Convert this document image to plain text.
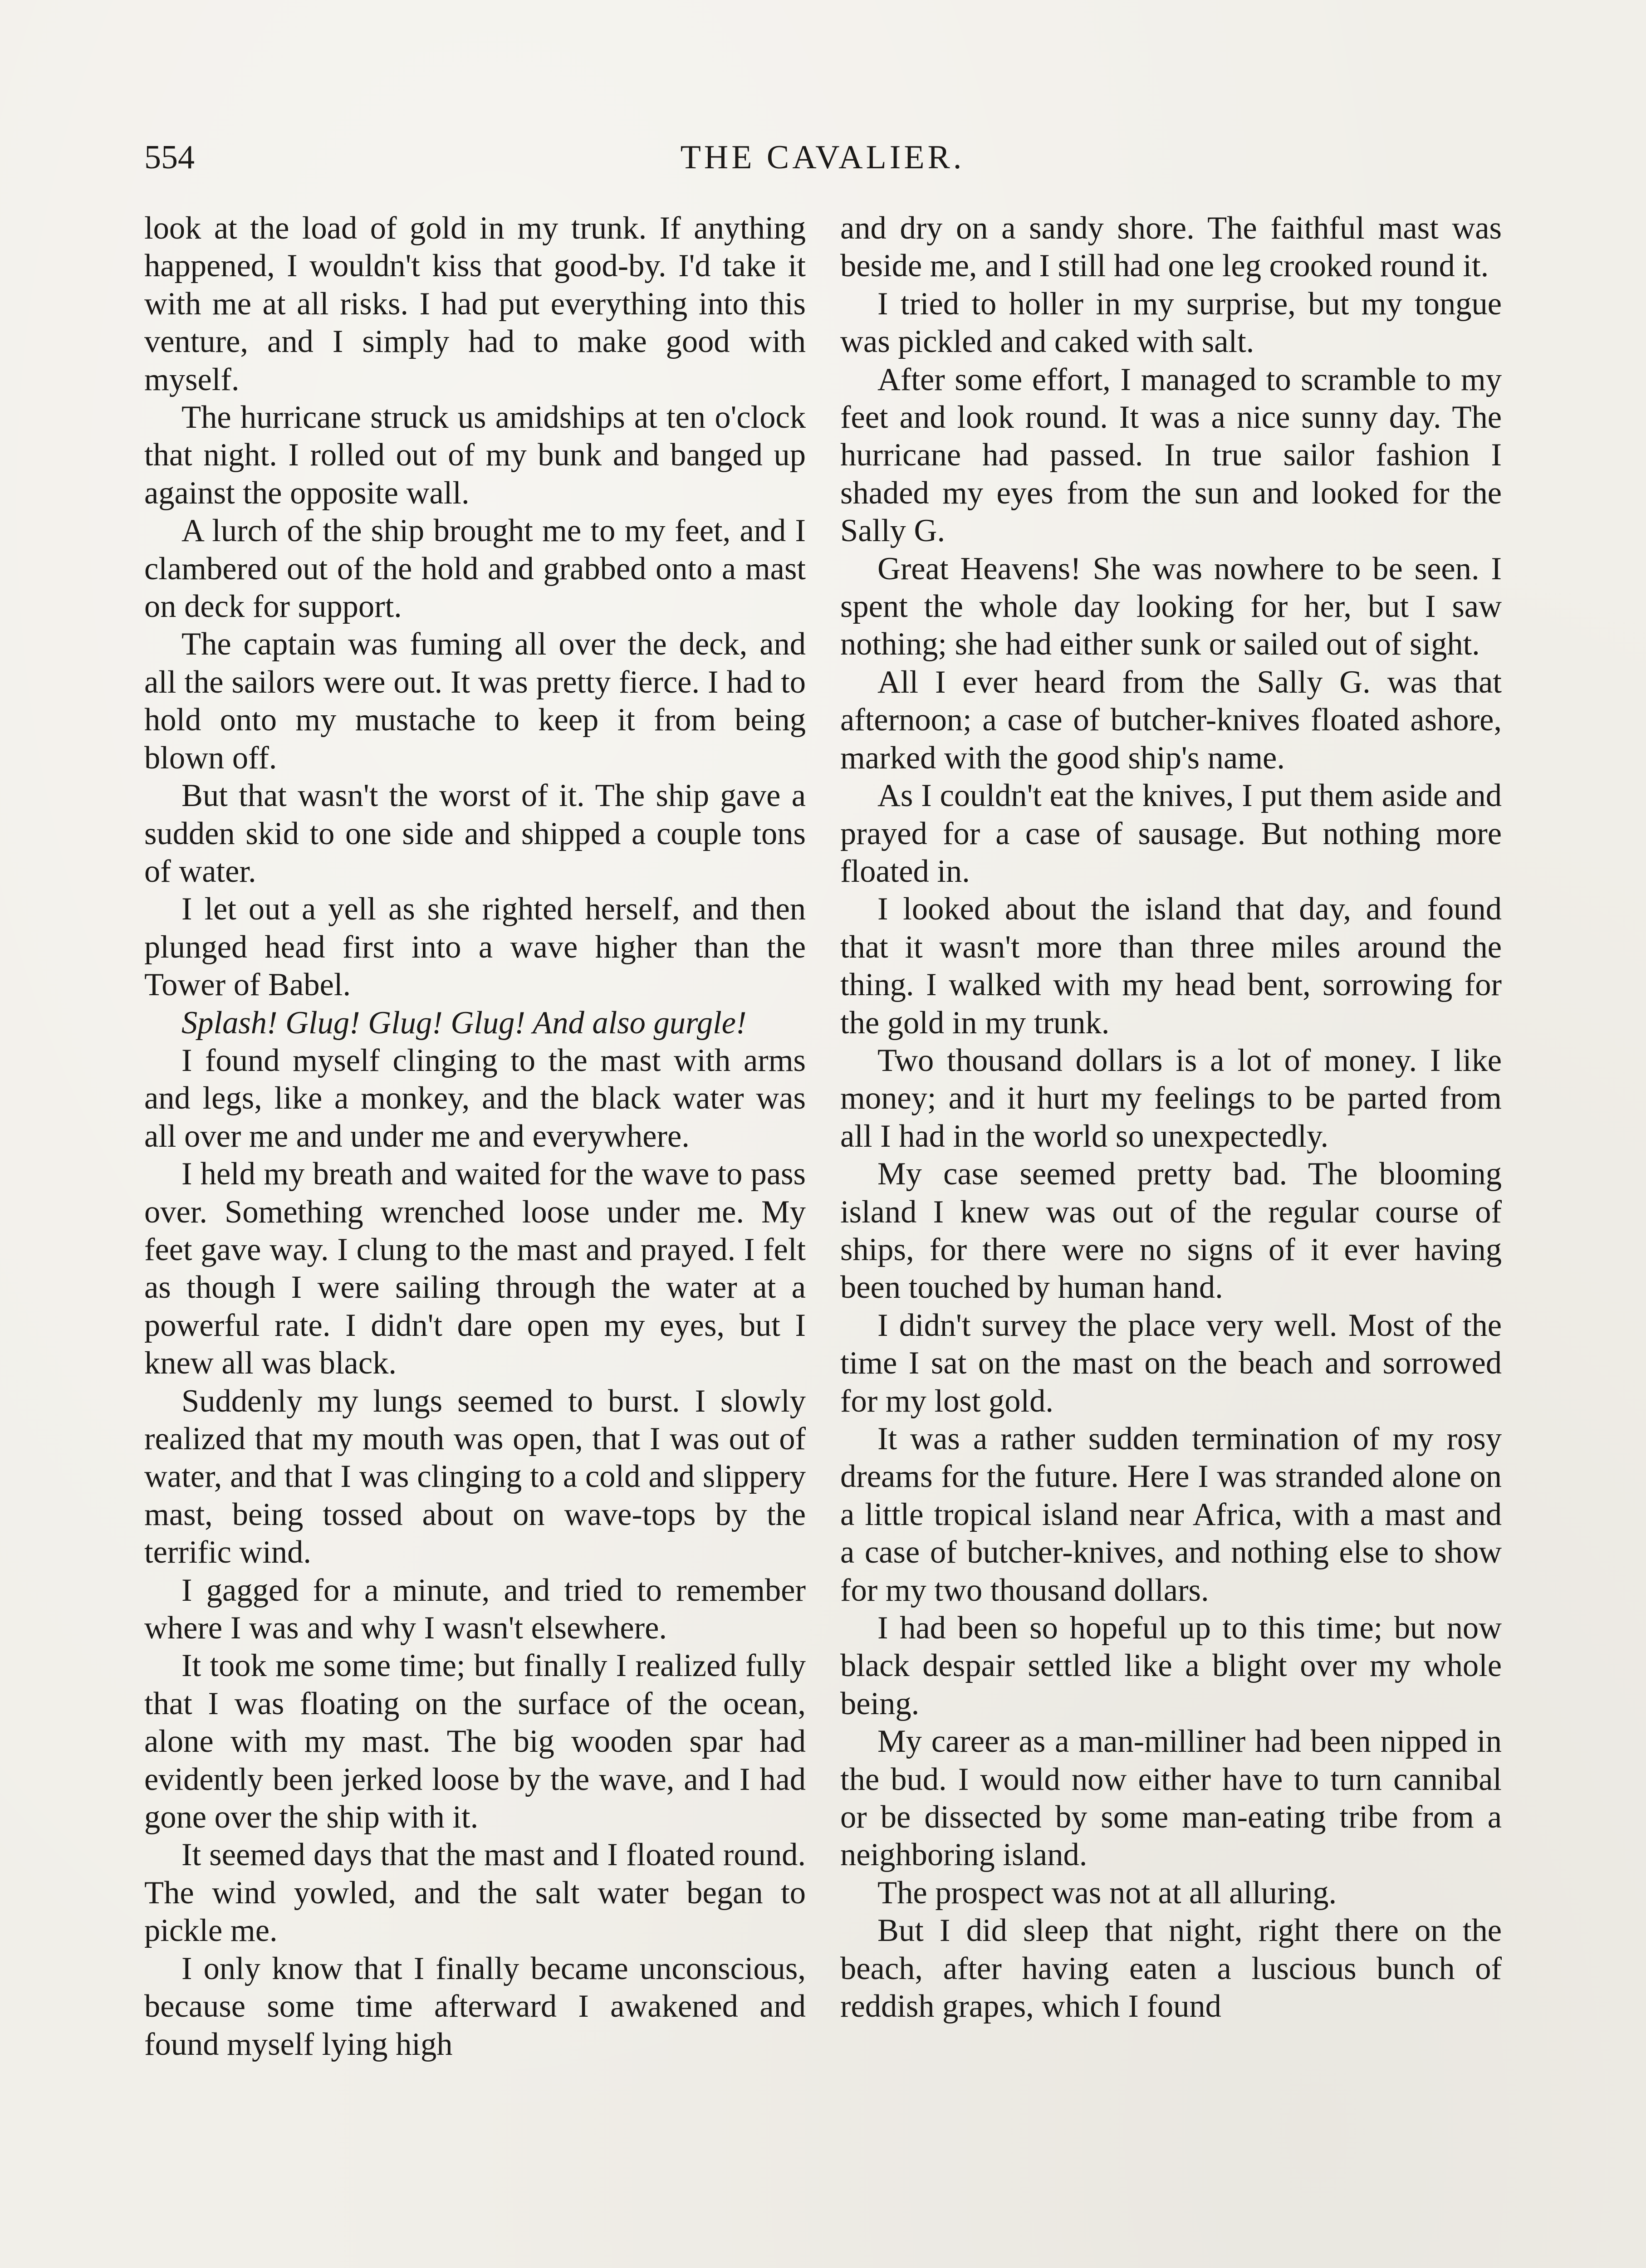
554	THE CAVALIER.

look at the load of gold in my trunk. If anything happened, I wouldn't kiss that good-by. I'd take it with me at all risks. I had put everything into this venture, and I simply had to make good with myself.

The hurricane struck us amidships at ten o'clock that night. I rolled out of my bunk and banged up against the opposite wall.

A lurch of the ship brought me to my feet, and I clambered out of the hold and grabbed onto a mast on deck for support.

The captain was fuming all over the deck, and all the sailors were out. It was pretty fierce. I had to hold onto my mustache to keep it from being blown off.

But that wasn't the worst of it. The ship gave a sudden skid to one side and shipped a couple tons of water.

I let out a yell as she righted herself, and then plunged head first into a wave higher than the Tower of Babel.

Splash! Glug! Glug! Glug! And also gurgle!

I found myself clinging to the mast with arms and legs, like a monkey, and the black water was all over me and under me and everywhere.

I held my breath and waited for the wave to pass over. Something wrenched loose under me. My feet gave way. I clung to the mast and prayed. I felt as though I were sailing through the water at a powerful rate. I didn't dare open my eyes, but I knew all was black.

Suddenly my lungs seemed to burst. I slowly realized that my mouth was open, that I was out of water, and that I was clinging to a cold and slippery mast, being tossed about on wave-tops by the terrific wind.

I gagged for a minute, and tried to remember where I was and why I wasn't elsewhere.

It took me some time; but finally I realized fully that I was floating on the surface of the ocean, alone with my mast. The big wooden spar had evidently been jerked loose by the wave, and I had gone over the ship with it.

It seemed days that the mast and I floated round. The wind yowled, and the salt water began to pickle me.

I only know that I finally became unconscious, because some time afterward I awakened and found myself lying high

and dry on a sandy shore. The faithful mast was beside me, and I still had one leg crooked round it.

I tried to holler in my surprise, but my tongue was pickled and caked with salt.

After some effort, I managed to scramble to my feet and look round. It was a nice sunny day. The hurricane had passed. In true sailor fashion I shaded my eyes from the sun and looked for the Sally G.

Great Heavens! She was nowhere to be seen. I spent the whole day looking for her, but I saw nothing; she had either sunk or sailed out of sight.

All I ever heard from the Sally G. was that afternoon; a case of butcher-knives floated ashore, marked with the good ship's name.

As I couldn't eat the knives, I put them aside and prayed for a case of sausage. But nothing more floated in.

I looked about the island that day, and found that it wasn't more than three miles around the thing. I walked with my head bent, sorrowing for the gold in my trunk.

Two thousand dollars is a lot of money. I like money; and it hurt my feelings to be parted from all I had in the world so unexpectedly.

My case seemed pretty bad. The blooming island I knew was out of the regular course of ships, for there were no signs of it ever having been touched by human hand.

I didn't survey the place very well. Most of the time I sat on the mast on the beach and sorrowed for my lost gold.

It was a rather sudden termination of my rosy dreams for the future. Here I was stranded alone on a little tropical island near Africa, with a mast and a case of butcher-knives, and nothing else to show for my two thousand dollars.

I had been so hopeful up to this time; but now black despair settled like a blight over my whole being.

My career as a man-milliner had been nipped in the bud. I would now either have to turn cannibal or be dissected by some man-eating tribe from a neighboring island.

The prospect was not at all alluring.

But I did sleep that night, right there on the beach, after having eaten a luscious bunch of reddish grapes, which I found
